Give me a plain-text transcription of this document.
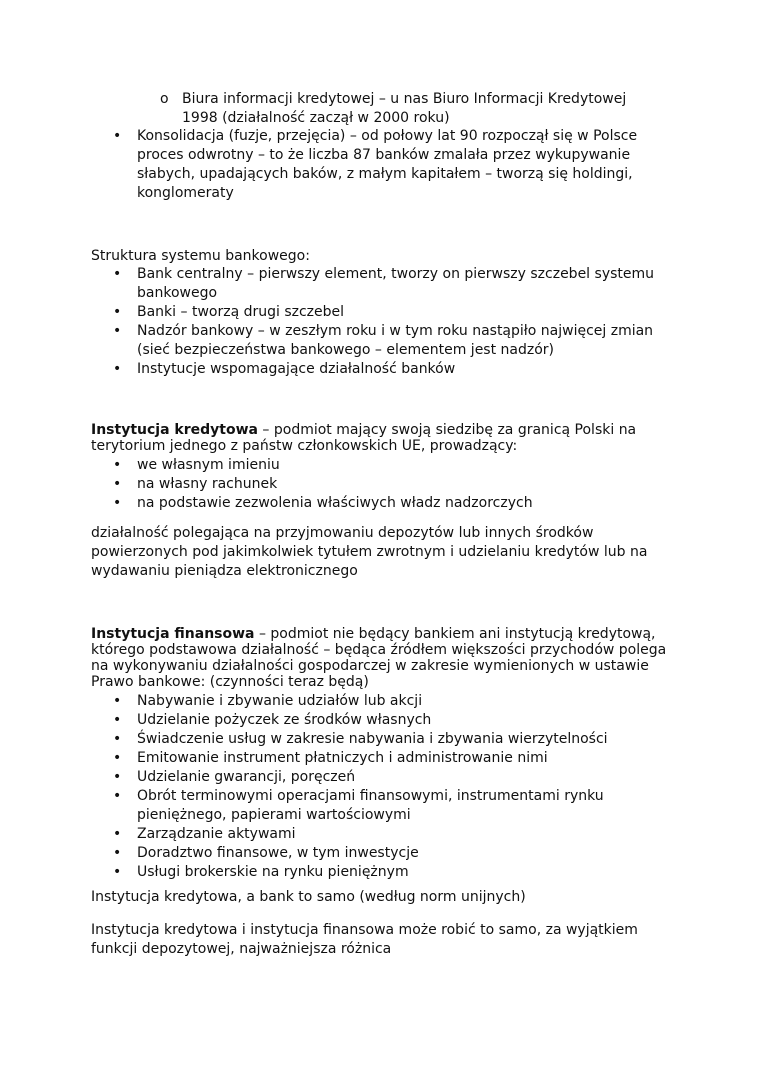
o Biura informacji kredytowej – u nas Biuro Informacji Kredytowej 1998 (działalność zaczął w 2000 roku)
• Konsolidacja (fuzje, przejęcia) – od połowy lat 90 rozpoczął się w Polsce proces odwrotny – to że liczba 87 banków zmalała przez wykupywanie słabych, upadających baków, z małym kapitałem – tworzą się holdingi, konglomeraty

Struktura systemu bankowego:

• Bank centralny – pierwszy element, tworzy on pierwszy szczebel systemu bankowego
• Banki – tworzą drugi szczebel
• Nadzór bankowy – w zeszłym roku i w tym roku nastąpiło najwięcej zmian (sieć bezpieczeństwa bankowego – elementem jest nadzór)
• Instytucje wspomagające działalność banków

Instytucja kredytowa – podmiot mający swoją siedzibę za granicą Polski na terytorium jednego z państw członkowskich UE, prowadzący:

• we własnym imieniu
• na własny rachunek
• na podstawie zezwolenia właściwych władz nadzorczych

działalność polegająca na przyjmowaniu depozytów lub innych środków powierzonych pod jakimkolwiek tytułem zwrotnym i udzielaniu kredytów lub na wydawaniu pieniądza elektronicznego

Instytucja finansowa – podmiot nie będący bankiem ani instytucją kredytową, którego podstawowa działalność – będąca źródłem większości przychodów polega na wykonywaniu działalności gospodarczej w zakresie wymienionych w ustawie Prawo bankowe: (czynności teraz będą)

• Nabywanie i zbywanie udziałów lub akcji
• Udzielanie pożyczek ze środków własnych
• Świadczenie usług w zakresie nabywania i zbywania wierzytelności
• Emitowanie instrument płatniczych i administrowanie nimi
• Udzielanie gwarancji, poręczeń
• Obrót terminowymi operacjami finansowymi, instrumentami rynku pieniężnego, papierami wartościowymi
• Zarządzanie aktywami
• Doradztwo finansowe, w tym inwestycje
• Usługi brokerskie na rynku pieniężnym

Instytucja kredytowa, a bank to samo (według norm unijnych)

Instytucja kredytowa i instytucja finansowa może robić to samo, za wyjątkiem funkcji depozytowej, najważniejsza różnica
